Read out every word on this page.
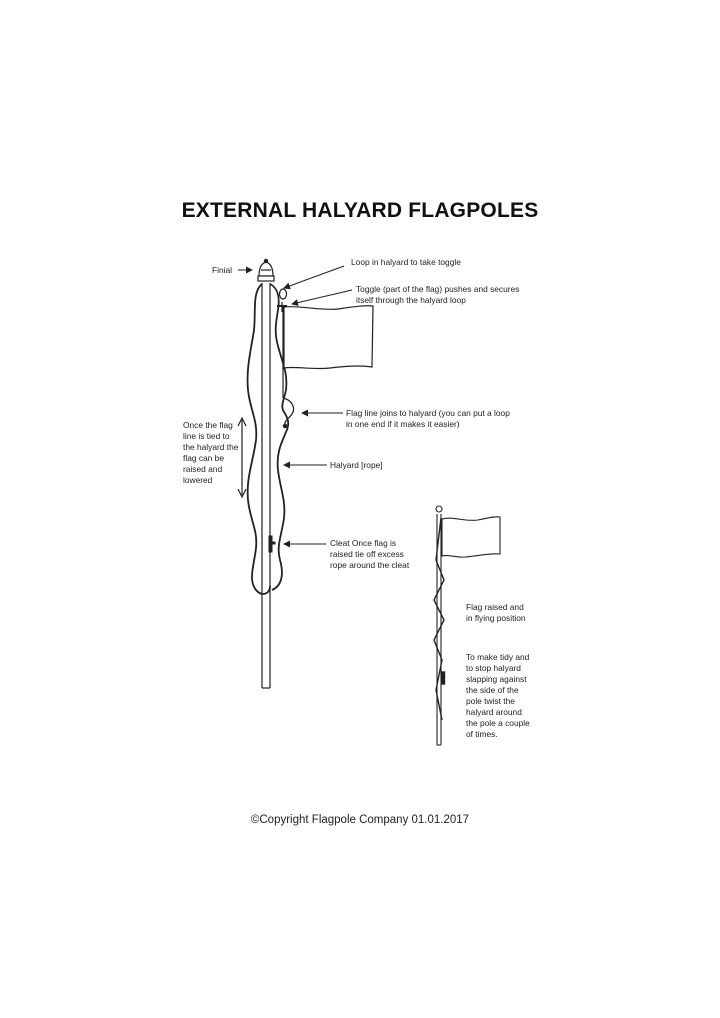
EXTERNAL HALYARD FLAGPOLES
Finial
Loop in halyard to take toggle
Toggle (part of the flag) pushes and secures
itself through the halyard loop
Flag line joins to halyard (you can put a loop
in one end if it makes it easier)
Once the flag
line is tied to
the halyard the
flag can be
raised and
lowered
Halyard [rope]
Cleat Once flag is
raised tie off excess
rope around the cleat
Flag raised and
in flying position
To make tidy and
to stop halyard
slapping against
the side of the
pole twist the
halyard around
the pole a couple
of times.
©Copyright Flagpole Company 01.01.2017
